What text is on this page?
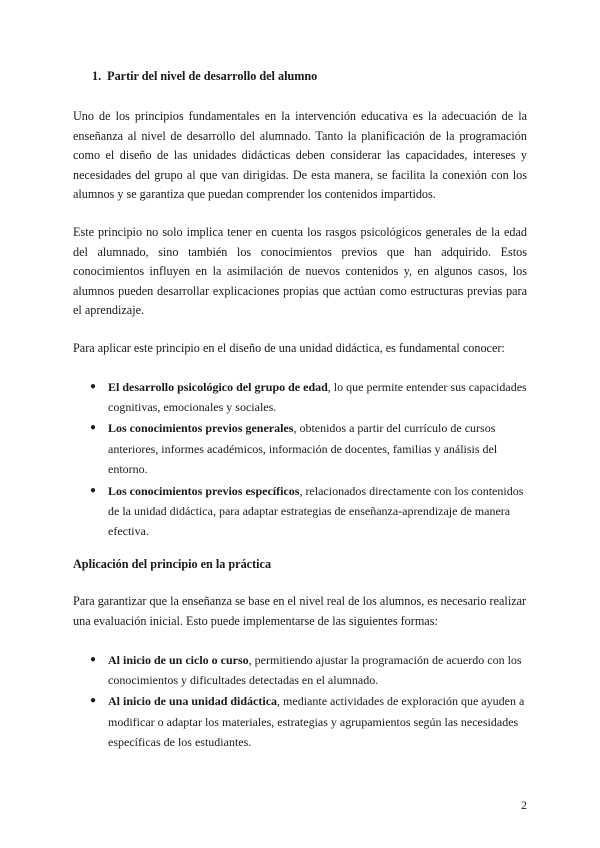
1. Partir del nivel de desarrollo del alumno

Uno de los principios fundamentales en la intervención educativa es la adecuación de la enseñanza al nivel de desarrollo del alumnado. Tanto la planificación de la programación como el diseño de las unidades didácticas deben considerar las capacidades, intereses y necesidades del grupo al que van dirigidas. De esta manera, se facilita la conexión con los alumnos y se garantiza que puedan comprender los contenidos impartidos.

Este principio no solo implica tener en cuenta los rasgos psicológicos generales de la edad del alumnado, sino también los conocimientos previos que han adquirido. Estos conocimientos influyen en la asimilación de nuevos contenidos y, en algunos casos, los alumnos pueden desarrollar explicaciones propias que actúan como estructuras previas para el aprendizaje.

Para aplicar este principio en el diseño de una unidad didáctica, es fundamental conocer:

● El desarrollo psicológico del grupo de edad, lo que permite entender sus capacidades cognitivas, emocionales y sociales.
● Los conocimientos previos generales, obtenidos a partir del currículo de cursos anteriores, informes académicos, información de docentes, familias y análisis del entorno.
● Los conocimientos previos específicos, relacionados directamente con los contenidos de la unidad didáctica, para adaptar estrategias de enseñanza-aprendizaje de manera efectiva.
Aplicación del principio en la práctica

Para garantizar que la enseñanza se base en el nivel real de los alumnos, es necesario realizar una evaluación inicial. Esto puede implementarse de las siguientes formas:

● Al inicio de un ciclo o curso, permitiendo ajustar la programación de acuerdo con los conocimientos y dificultades detectadas en el alumnado.
● Al inicio de una unidad didáctica, mediante actividades de exploración que ayuden a modificar o adaptar los materiales, estrategias y agrupamientos según las necesidades específicas de los estudiantes.
2
